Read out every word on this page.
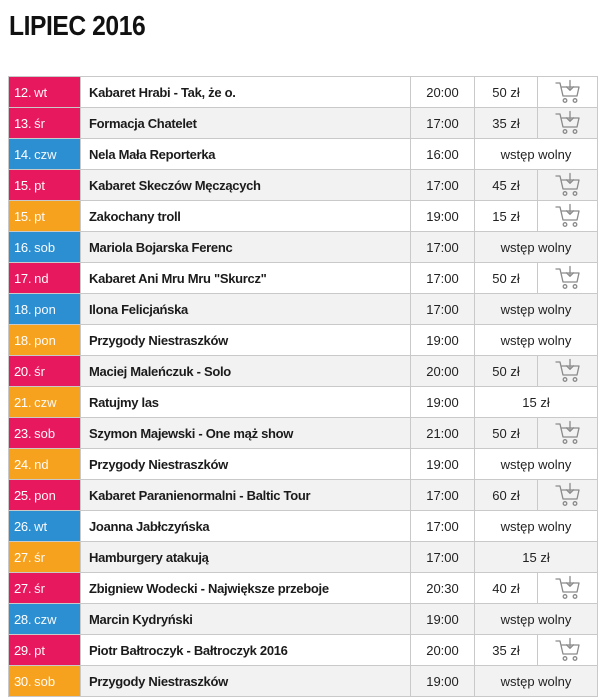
LIPIEC 2016
12. wt	Kabaret Hrabi - Tak, że o.	20:00	50 zł	
13. śr	Formacja Chatelet	17:00	35 zł	
14. czw	Nela Mała Reporterka	16:00	wstęp wolny	
15. pt	Kabaret Skeczów Męczących	17:00	45 zł	
15. pt	Zakochany troll	19:00	15 zł	
16. sob	Mariola Bojarska Ferenc	17:00	wstęp wolny	
17. nd	Kabaret Ani Mru Mru "Skurcz"	17:00	50 zł	
18. pon	Ilona Felicjańska	17:00	wstęp wolny	
18. pon	Przygody Niestraszków	19:00	wstęp wolny	
20. śr	Maciej Maleńczuk - Solo	20:00	50 zł	
21. czw	Ratujmy las	19:00	15 zł	
23. sob	Szymon Majewski - One mąż show	21:00	50 zł	
24. nd	Przygody Niestraszków	19:00	wstęp wolny	
25. pon	Kabaret Paranienormalni - Baltic Tour	17:00	60 zł	
26. wt	Joanna Jabłczyńska	17:00	wstęp wolny	
27. śr	Hamburgery atakują	17:00	15 zł	
27. śr	Zbigniew Wodecki - Największe przeboje	20:30	40 zł	
28. czw	Marcin Kydryński	19:00	wstęp wolny	
29. pt	Piotr Bałtroczyk - Bałtroczyk 2016	20:00	35 zł	
30. sob	Przygody Niestraszków	19:00	wstęp wolny	
